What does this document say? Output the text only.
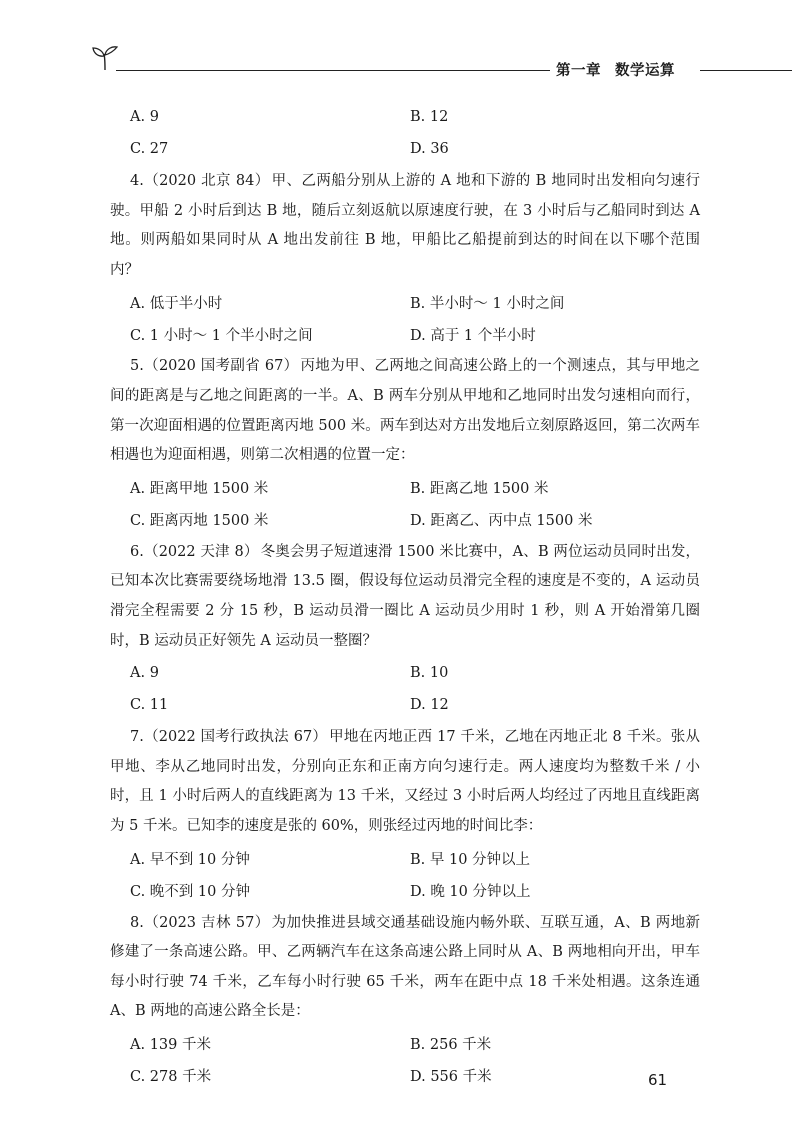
第一章 数学运算
A. 9	B. 12
C. 27	D. 36

4.（2020 北京 84） 甲、乙两船分别从上游的 A 地和下游的 B 地同时出发相向匀速行驶。甲船 2 小时后到达 B 地，随后立刻返航以原速度行驶，在 3 小时后与乙船同时到达 A 地。则两船如果同时从 A 地出发前往 B 地，甲船比乙船提前到达的时间在以下哪个范围内？

A. 低于半小时	B. 半小时～ 1 小时之间
C. 1 小时～ 1 个半小时之间	D. 高于 1 个半小时

5.（2020 国考副省 67） 丙地为甲、乙两地之间高速公路上的一个测速点，其与甲地之间的距离是与乙地之间距离的一半。A、B 两车分别从甲地和乙地同时出发匀速相向而行，第一次迎面相遇的位置距离丙地 500 米。两车到达对方出发地后立刻原路返回，第二次两车相遇也为迎面相遇，则第二次相遇的位置一定：

A. 距离甲地 1500 米	B. 距离乙地 1500 米
C. 距离丙地 1500 米	D. 距离乙、丙中点 1500 米

6.（2022 天津 8） 冬奥会男子短道速滑 1500 米比赛中，A、B 两位运动员同时出发，已知本次比赛需要绕场地滑 13.5 圈，假设每位运动员滑完全程的速度是不变的，A 运动员滑完全程需要 2 分 15 秒，B 运动员滑一圈比 A 运动员少用时 1 秒，则 A 开始滑第几圈时，B 运动员正好领先 A 运动员一整圈？

A. 9	B. 10
C. 11	D. 12

7.（2022 国考行政执法 67） 甲地在丙地正西 17 千米，乙地在丙地正北 8 千米。张从甲地、李从乙地同时出发，分别向正东和正南方向匀速行走。两人速度均为整数千米 / 小时，且 1 小时后两人的直线距离为 13 千米，又经过 3 小时后两人均经过了丙地且直线距离为 5 千米。已知李的速度是张的 60%，则张经过丙地的时间比李：

A. 早不到 10 分钟	B. 早 10 分钟以上
C. 晚不到 10 分钟	D. 晚 10 分钟以上

8.（2023 吉林 57） 为加快推进县域交通基础设施内畅外联、互联互通，A、B 两地新修建了一条高速公路。甲、乙两辆汽车在这条高速公路上同时从 A、B 两地相向开出，甲车每小时行驶 74 千米，乙车每小时行驶 65 千米，两车在距中点 18 千米处相遇。这条连通 A、B 两地的高速公路全长是：

A. 139 千米	B. 256 千米
C. 278 千米	D. 556 千米	61
